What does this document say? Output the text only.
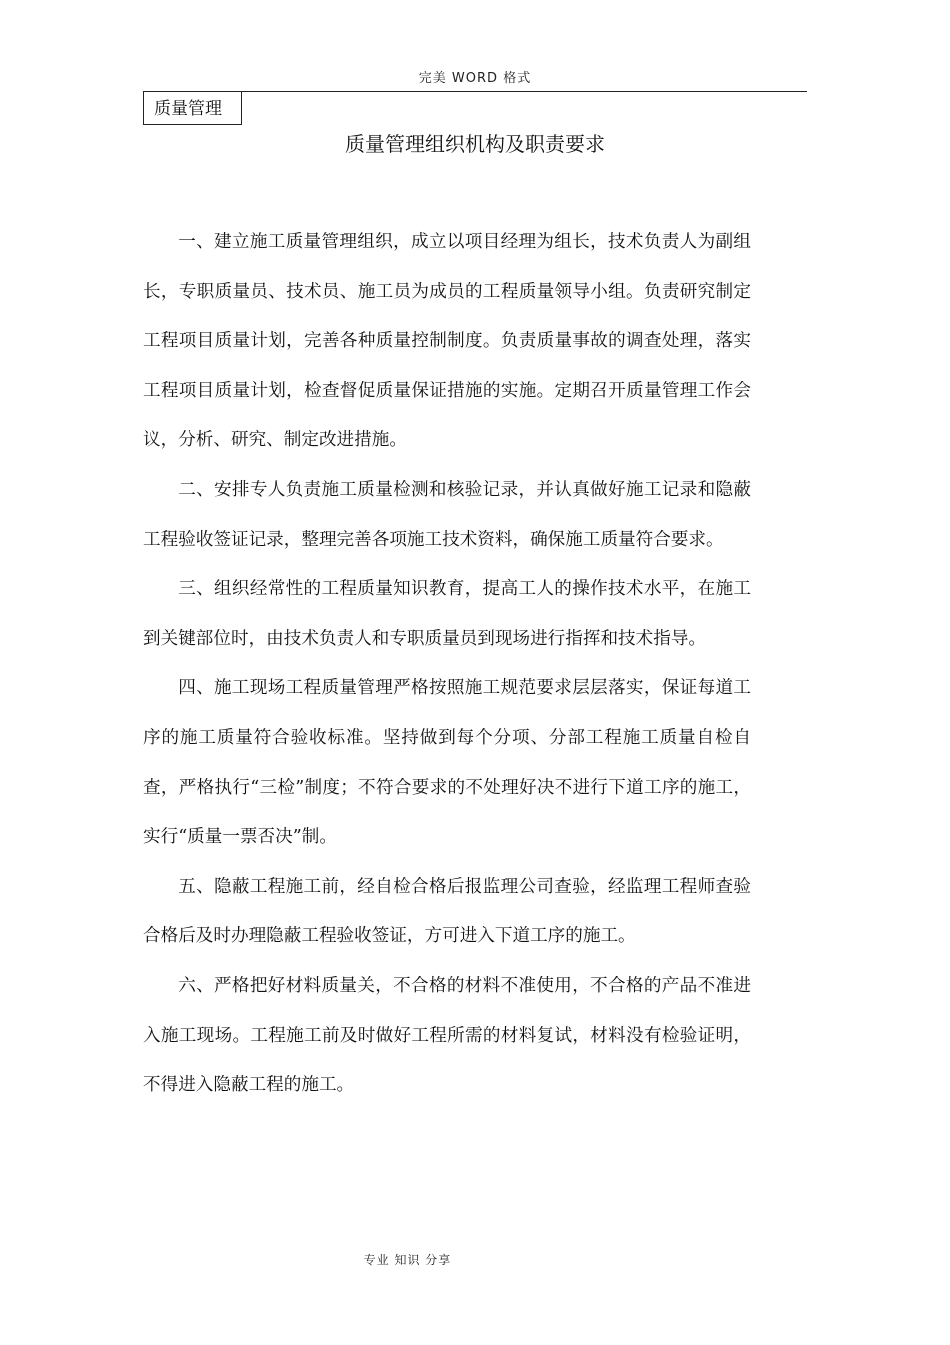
完美 WORD 格式
质量管理
质量管理组织机构及职责要求

一、建立施工质量管理组织，成立以项目经理为组长，技术负责人为副组长，专职质量员、技术员、施工员为成员的工程质量领导小组。负责研究制定工程项目质量计划，完善各种质量控制制度。负责质量事故的调查处理，落实工程项目质量计划，检查督促质量保证措施的实施。定期召开质量管理工作会议，分析、研究、制定改进措施。

二、安排专人负责施工质量检测和核验记录，并认真做好施工记录和隐蔽工程验收签证记录，整理完善各项施工技术资料，确保施工质量符合要求。

三、组织经常性的工程质量知识教育，提高工人的操作技术水平，在施工到关键部位时，由技术负责人和专职质量员到现场进行指挥和技术指导。

四、施工现场工程质量管理严格按照施工规范要求层层落实，保证每道工序的施工质量符合验收标准。坚持做到每个分项、分部工程施工质量自检自查，严格执行“三检”制度；不符合要求的不处理好决不进行下道工序的施工，实行“质量一票否决”制。

五、隐蔽工程施工前，经自检合格后报监理公司查验，经监理工程师查验合格后及时办理隐蔽工程验收签证，方可进入下道工序的施工。

六、严格把好材料质量关，不合格的材料不准使用，不合格的产品不准进入施工现场。工程施工前及时做好工程所需的材料复试，材料没有检验证明，不得进入隐蔽工程的施工。

专业 知识 分享
